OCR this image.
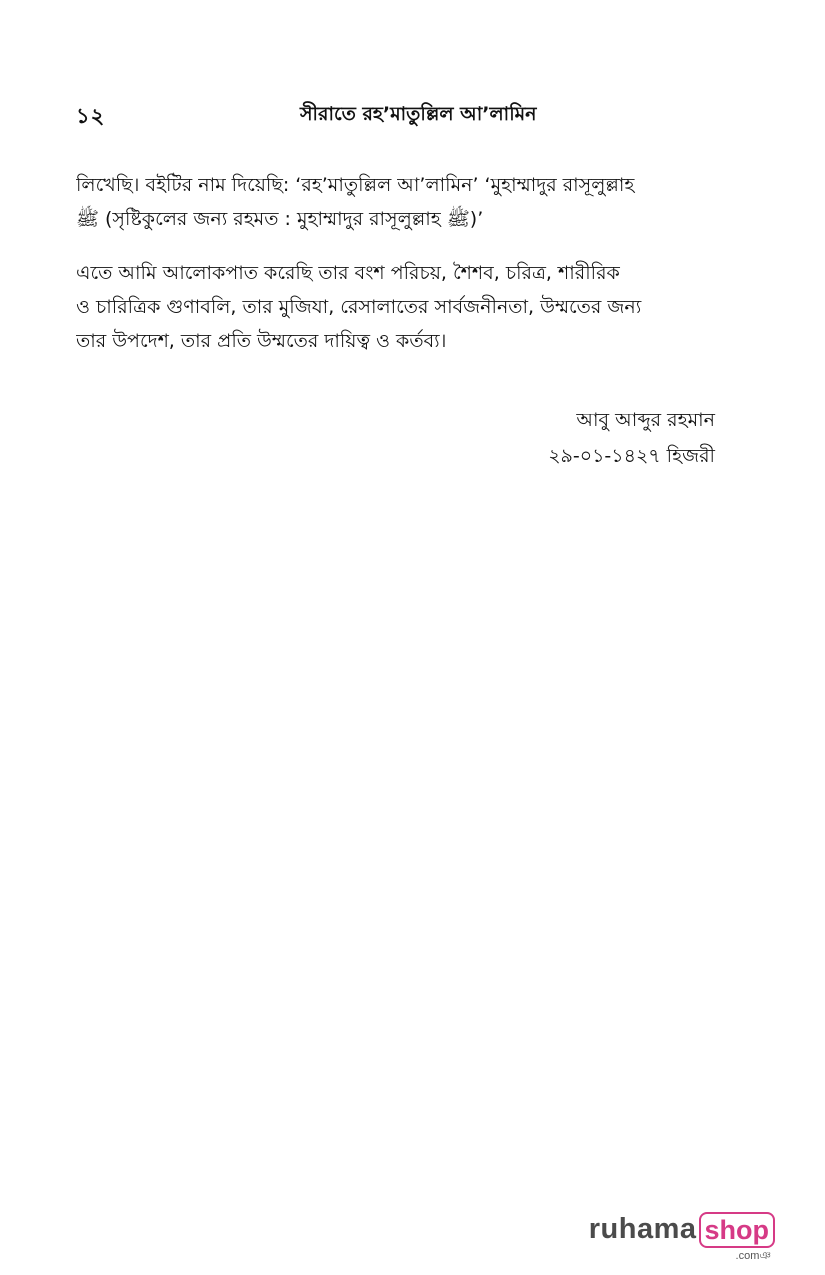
১২	সীরাতে রহ’মাতুল্লিল আ’লামিন
লিখেছি। বইটির নাম দিয়েছি: ‘রহ’মাতুল্লিল আ’লামিন’ ‘মুহাম্মাদুর রাসূলুল্লাহ
ﷺ (সৃষ্টিকুলের জন্য রহমত : মুহাম্মাদুর রাসূলুল্লাহ ﷺ)’
এতে আমি আলোকপাত করেছি তার বংশ পরিচয়, শৈশব, চরিত্র, শারীরিক
ও চারিত্রিক গুণাবলি, তার মুজিযা, রেসালাতের সার্বজনীনতা, উম্মতের জন্য
তার উপদেশ, তার প্রতি উম্মতের দায়িত্ব ও কর্তব্য।
আবু আব্দুর রহমান
২৯-০১-১৪২৭ হিজরী
ruhama shop
.comঞ
